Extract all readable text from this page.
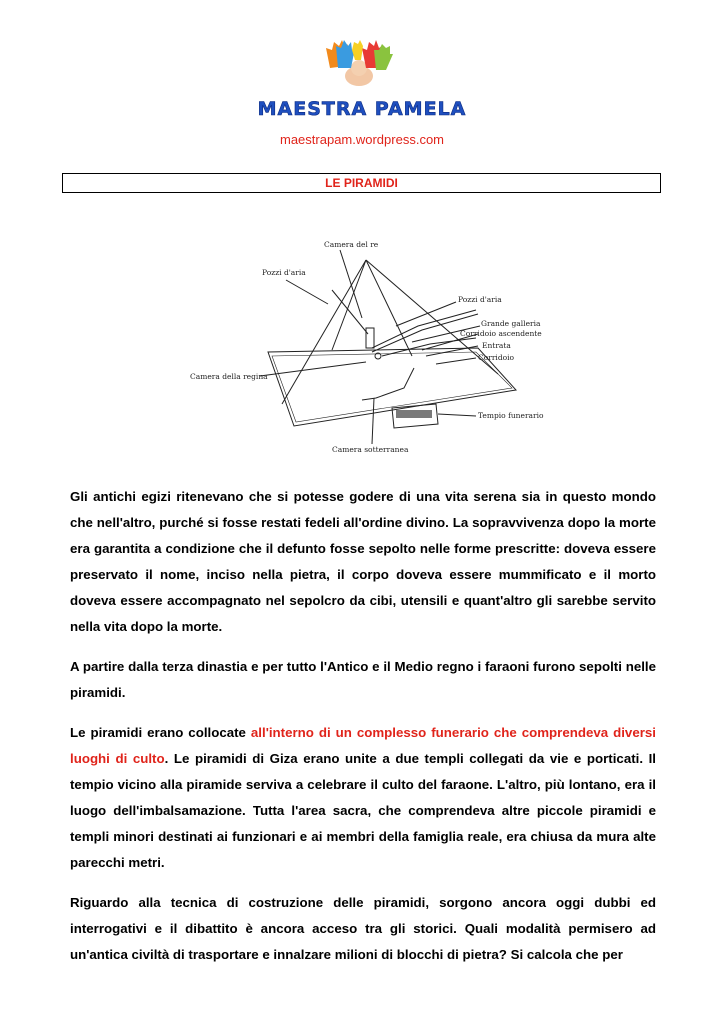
MAESTRA PAMELA
maestrapam.wordpress.com
LE PIRAMIDI
Camera del re
Pozzi d'aria
Pozzi d'aria
Grande galleria
Corridoio ascendente
Entrata
Corridoio
Camera della regina
Tempio funerario
Camera sotterranea

Gli antichi egizi ritenevano che si potesse godere di una vita serena sia in questo mondo che nell'altro, purché si fosse restati fedeli all'ordine divino. La sopravvivenza dopo la morte era garantita a condizione che il defunto fosse sepolto nelle forme prescritte: doveva essere preservato il nome, inciso nella pietra, il corpo doveva essere mummificato e il morto doveva essere accompagnato nel sepolcro da cibi, utensili e quant'altro gli sarebbe servito nella vita dopo la morte.

A partire dalla terza dinastia e per tutto l'Antico e il Medio regno i faraoni furono sepolti nelle piramidi.

Le piramidi erano collocate all'interno di un complesso funerario che comprendeva diversi luoghi di culto. Le piramidi di Giza erano unite a due templi collegati da vie e porticati. Il tempio vicino alla piramide serviva a celebrare il culto del faraone. L'altro, più lontano, era il luogo dell'imbalsamazione. Tutta l'area sacra, che comprendeva altre piccole piramidi e templi minori destinati ai funzionari e ai membri della famiglia reale, era chiusa da mura alte parecchi metri.

Riguardo alla tecnica di costruzione delle piramidi, sorgono ancora oggi dubbi ed interrogativi e il dibattito è ancora acceso tra gli storici. Quali modalità permisero ad un'antica civiltà di trasportare e innalzare milioni di blocchi di pietra? Si calcola che per
